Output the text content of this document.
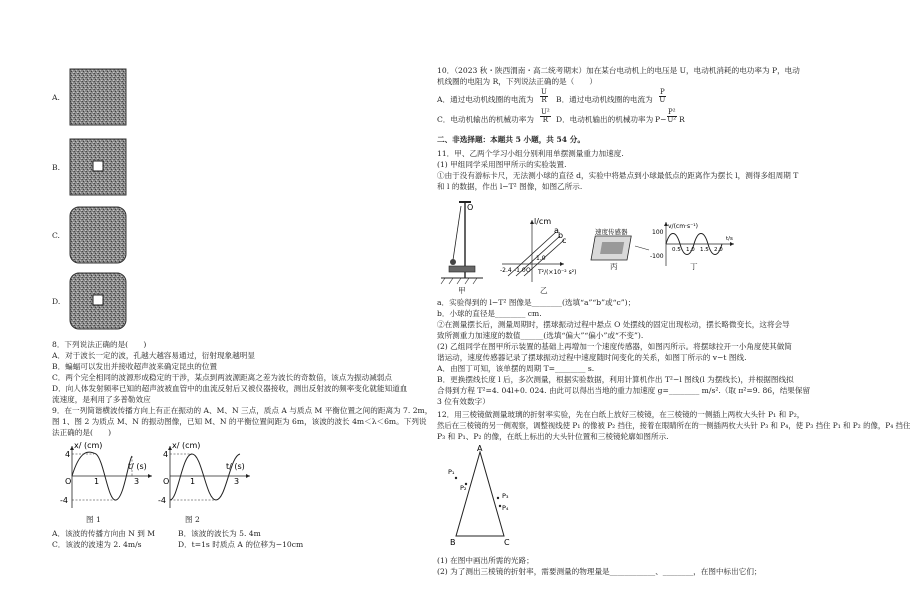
A.
B.
C.
D.
8．下列说法正确的是(　　)
A．对于波长一定的波，孔越大越容易通过，衍射现象越明显
B．蝙蝠可以发出并接收超声波来确定昆虫的位置
C．两个完全相同的波源形成稳定的干涉，某点到两波源距离之差为波长的奇数倍，该点为振动减弱点
D．向人体发射频率已知的超声波被血管中的血流反射后又被仪器接收，测出反射波的频率变化就能知道血
流速度，是利用了多普勒效应
9．在一列简谐横波传播方向上有正在振动的 A、M、N 三点，质点 A 与质点 M 平衡位置之间的距离为 7. 2m，
图 1、图 2 为质点 M、N 的振动图像，已知 M、N 的平衡位置间距为 6m，该波的波长 4m＜λ＜6m。下列说
法正确的是(　　)
x/ (cm)
t/ (s)
4
-4
O	1	3
图 1
x/ (cm)
t/ (s)
4
-4
O	1	3
图 2
A．该波的传播方向由 N 到 M	B．该波的波长为 5. 4m
C．该波的波速为 2. 4m/s	D．t=1s 时质点 A 的位移为−10cm
10．（2023 秋・陕西渭南・高二统考期末）加在某台电动机上的电压是 U，电动机消耗的电功率为 P，电动
机线圈的电阻为 R，下列说法正确的是（　　）
A．通过电动机线圈的电流为
U
R B．通过电动机线圈的电流为
P
U
C．电动机输出的机械功率为
U²
R	D．电动机输出的机械功率为 P−
P²
U² R
二、非选择题：本题共 5 小题，共 54 分。
11．甲、乙两个学习小组分别利用单摆测量重力加速度.
(1) 甲组同学采用图甲所示的实验装置.
①由于没有游标卡尺，无法测小球的直径 d，实验中将悬点到小球最低点的距离作为摆长 l，测得多组周期 T
和 l 的数据，作出 l−T² 图像，如图乙所示.
O
甲
l/cm
T²/(×10⁻² s²)
a
b
c
-2.4 -1.0 O
1.0
乙
速度传感器
丙
v/(cm·s⁻¹)
100
-100
0.5 1.0 1.5 2.0
t/s
丁
a．实验得到的 l−T² 图像是________(选填“a”“b”或“c”)；
b．小球的直径是________ cm.
②在测量摆长后，测量周期时，摆球振动过程中悬点 O 处摆线的固定出现松动，摆长略微变长，这将会导
致所测重力加速度的数值______(选填“偏大”“偏小”或“不变”).
(2) 乙组同学在图甲所示装置的基础上再增加一个速度传感器，如图丙所示。将摆球拉开一小角度使其做简
谐运动，速度传感器记录了摆球振动过程中速度随时间变化的关系，如图丁所示的 v−t 图线.
A．由图丁可知，该单摆的周期 T=________ s.
B．更换摆线长度 l 后，多次测量，根据实验数据，利用计算机作出 T²−l 图线(l 为摆线长)，并根据图线拟
合得到方程 T²=4. 04l+0. 024. 由此可以得出当地的重力加速度 g=________ m/s².（取 π²=9. 86，结果保留
3 位有效数字）
12．用三棱镜做测量玻璃的折射率实验，先在白纸上放好三棱镜，在三棱镜的一侧插上两枚大头针 P₁ 和 P₂，
然后在三棱镜的另一侧观察，调整视线使 P₁ 的像被 P₂ 挡住，接着在眼睛所在的一侧插两枚大头针 P₃ 和 P₄，使 P₃ 挡住 P₁ 和 P₂ 的像，P₄ 挡住
P₃ 和 P₁、P₂ 的像，在纸上标出的大头针位置和三棱镜轮廓如图所示.
A
B	C
P₁
P₂
P₃
P₄
(1) 在图中画出所需的光路；
(2) 为了测出三棱镜的折射率，需要测量的物理量是____________、________，在图中标出它们；
